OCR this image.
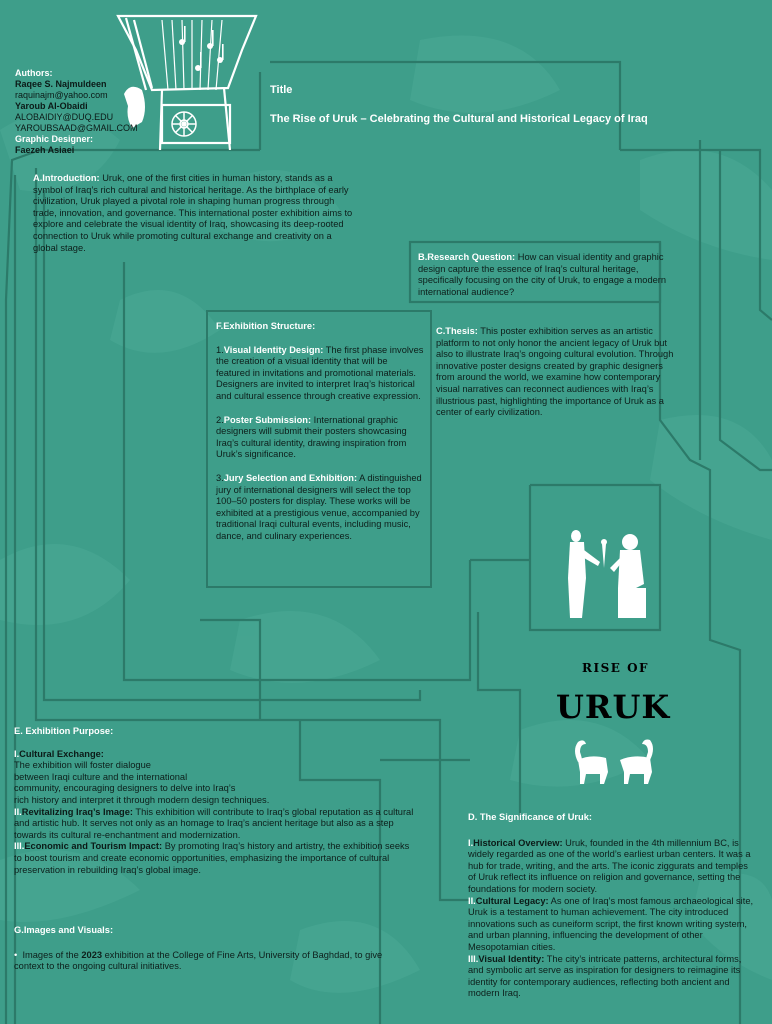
Authors:
Raqee S. Najmuldeen
raquinajm@yahoo.com
Yaroub Al-Obaidi
ALOBAIDIY@DUQ.EDU
YAROUBSAAD@GMAIL.COM
Graphic Designer:
Faezeh Asiaei
Title
The Rise of Uruk – Celebrating the Cultural and Historical Legacy of Iraq

A.Introduction: Uruk, one of the first cities in human history, stands as a symbol of Iraq’s rich cultural and historical heritage. As the birthplace of early civilization, Uruk played a pivotal role in shaping human progress through trade, innovation, and governance. This international poster exhibition aims to explore and celebrate the visual identity of Iraq, showcasing its deep-rooted connection to Uruk while promoting cultural exchange and creativity on a global stage.

B.Research Question: How can visual identity and graphic design capture the essence of Iraq’s cultural heritage, specifically focusing on the city of Uruk, to engage a modern international audience?

C.Thesis: This poster exhibition serves as an artistic platform to not only honor the ancient legacy of Uruk but also to illustrate Iraq’s ongoing cultural evolution. Through innovative poster designs created by graphic designers from around the world, we examine how contemporary visual narratives can reconnect audiences with Iraq’s illustrious past, highlighting the importance of Uruk as a center of early civilization.

F.Exhibition Structure:

1.Visual Identity Design: The first phase involves the creation of a visual identity that will be featured in invitations and promotional materials. Designers are invited to interpret Iraq’s historical and cultural essence through creative expression.

2.Poster Submission: International graphic designers will submit their posters showcasing Iraq’s cultural identity, drawing inspiration from Uruk’s significance.

3.Jury Selection and Exhibition: A distinguished jury of international designers will select the top 100–50 posters for display. These works will be exhibited at a prestigious venue, accompanied by traditional Iraqi cultural events, including music, dance, and culinary experiences.

RISE OF
URUK

E. Exhibition Purpose:

I.Cultural Exchange:

The exhibition will foster dialogue

between Iraqi culture and the international

community, encouraging designers to delve into Iraq’s

rich history and interpret it through modern design techniques.

II.Revitalizing Iraq’s Image: This exhibition will contribute to Iraq’s global reputation as a cultural and artistic hub. It serves not only as an homage to Iraq’s ancient heritage but also as a step towards its cultural re-enchantment and modernization.

III.Economic and Tourism Impact: By promoting Iraq’s history and artistry, the exhibition seeks to boost tourism and create economic opportunities, emphasizing the importance of cultural preservation in rebuilding Iraq’s global image.

G.Images and Visuals:

• Images of the 2023 exhibition at the College of Fine Arts, University of Baghdad, to give context to the ongoing cultural initiatives.

D. The Significance of Uruk:

I.Historical Overview: Uruk, founded in the 4th millennium BC, is widely regarded as one of the world’s earliest urban centers. It was a hub for trade, writing, and the arts. The iconic ziggurats and temples of Uruk reflect its influence on religion and governance, setting the foundations for modern society.

II.Cultural Legacy: As one of Iraq’s most famous archaeological site, Uruk is a testament to human achievement. The city introduced innovations such as cuneiform script, the first known writing system, and urban planning, influencing the development of other Mesopotamian cities.

III.Visual Identity: The city’s intricate patterns, architectural forms, and symbolic art serve as inspiration for designers to reimagine its identity for contemporary audiences, reflecting both ancient and modern Iraq.
